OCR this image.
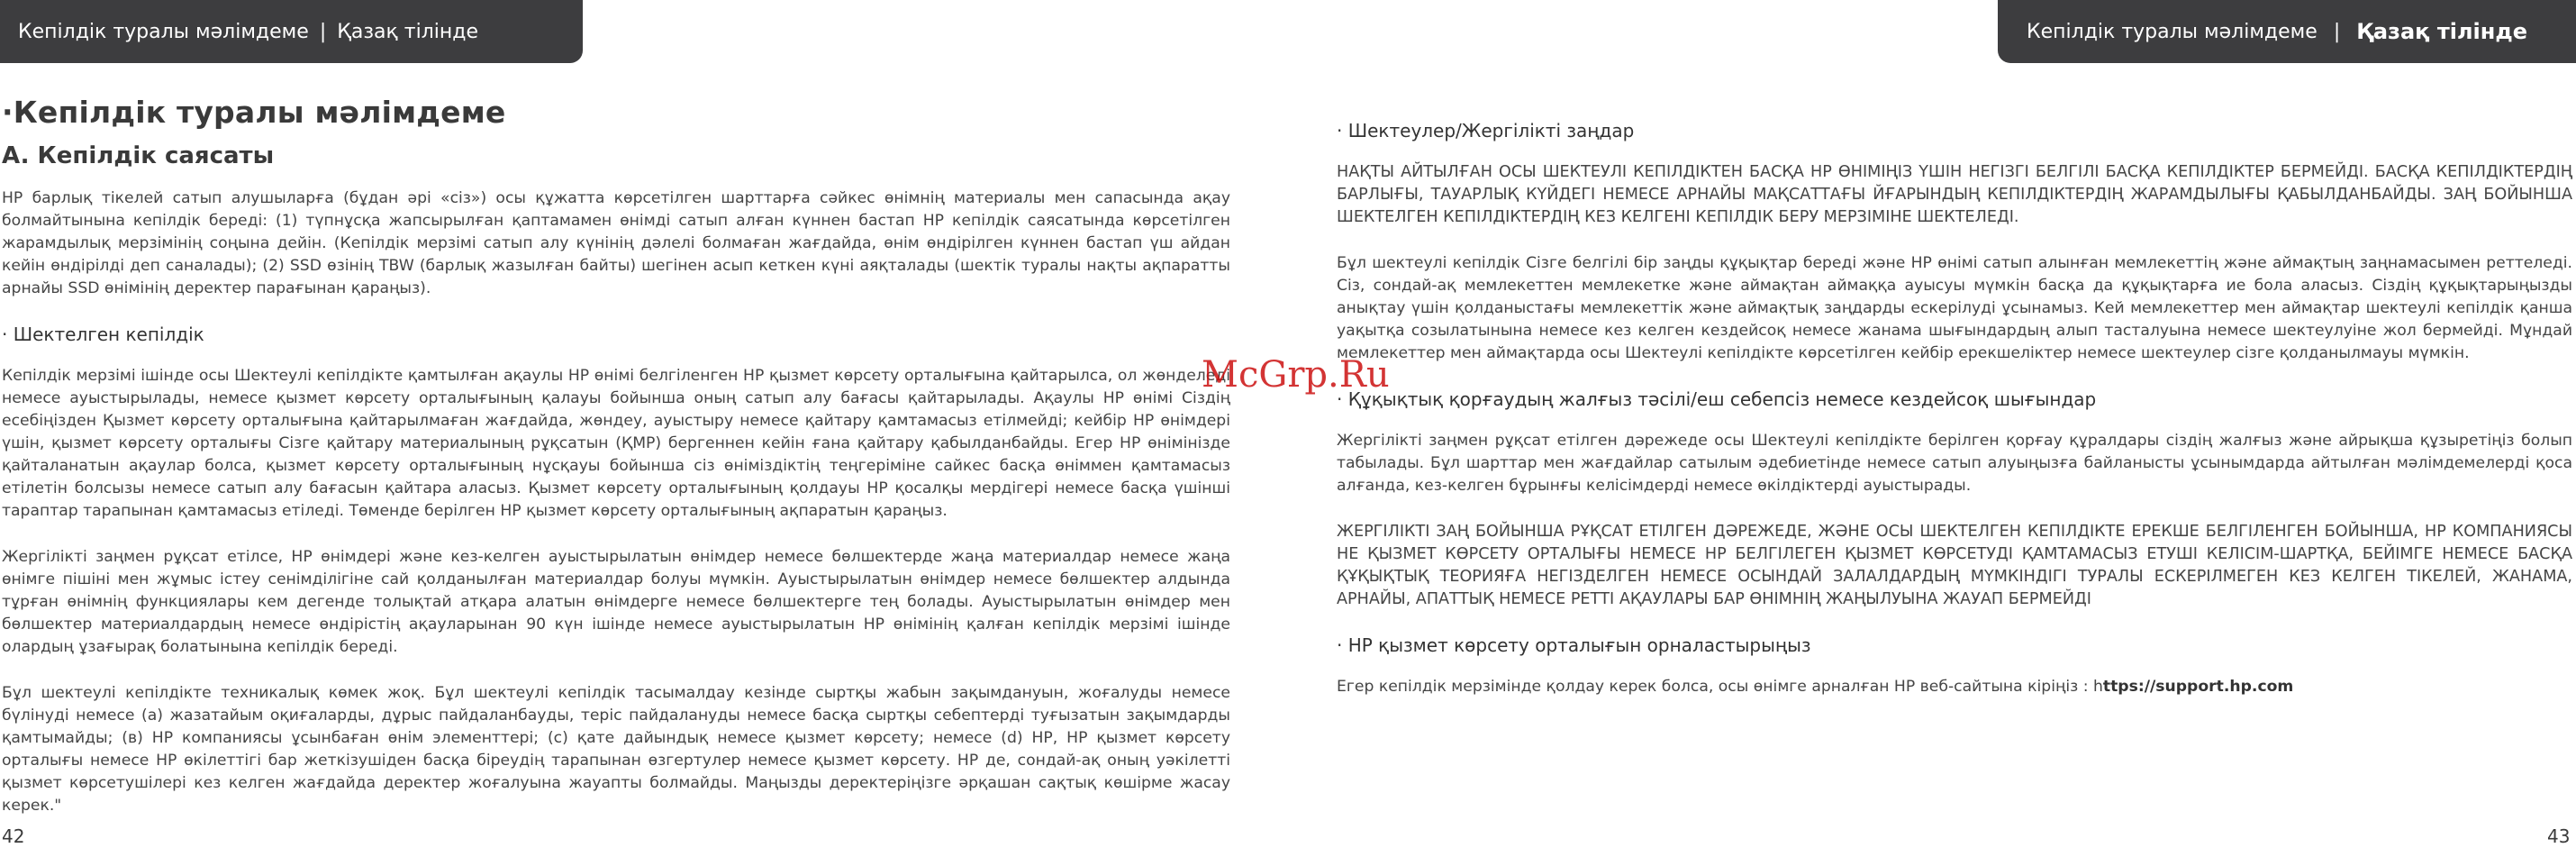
Кепілдік туралы мәлімдеме | Қазақ тілінде	Кепілдік туралы мәлімдеме | Қазақ тілінде
·Кепілдік туралы мәлімдеме
A. Кепілдік саясаты

HP барлық тікелей сатып алушыларға (бұдан әрі «сіз») осы құжатта көрсетілген шарттарға сәйкес өнімнің материалы мен сапасында ақау болмайтынына кепілдік береді: (1) түпнұсқа жапсырылған қаптамамен өнімді сатып алған күннен бастап HP кепілдік саясатында көрсетілген жарамдылық мерзімінің соңына дейін. (Кепілдік мерзімі сатып алу күнінің дәлелі болмаған жағдайда, өнім өндірілген күннен бастап үш айдан кейін өндірілді деп саналады); (2) SSD өзінің TBW (барлық жазылған байты) шегінен асып кеткен күні аяқталады (шектік туралы нақты ақпаратты арнайы SSD өнімінің деректер парағынан қараңыз).

· Шектелген кепілдік

Кепілдік мерзімі ішінде осы Шектеулі кепілдікте қамтылған ақаулы HP өнімі белгіленген HP қызмет көрсету орталығына қайтарылса, ол жөнделеді немесе ауыстырылады, немесе қызмет көрсету орталығының қалауы бойынша оның сатып алу бағасы қайтарылады. Ақаулы HP өнімі Сіздің есебіңізден Қызмет көрсету орталығына қайтарылмаған жағдайда, жөндеу, ауыстыру немесе қайтару қамтамасыз етілмейді; кейбір HP өнімдері үшін, қызмет көрсету орталығы Сізге қайтару материалының рұқсатын (ҚМР) бергеннен кейін ғана қайтару қабылданбайды. Егер HP өнімініздe қайталанатын ақаулар болса, қызмет көрсету орталығының нұсқауы бойынша сіз өніміздiктің теңгерiміне сайкес басқа өніммен қамтамасыз етілетін болсызы немесе сатып алу бағасын қайтара аласыз. Қызмет көрсету орталығының қолдауы HP қосалқы мердігері немесе басқа үшінші тараптар тарапынан қамтамасыз етіледі. Төменде берілген HP қызмет көрсету орталығының ақпаратын қараңыз.

Жергілікті заңмен рұқсат етілсе, HP өнімдері және кез-келген ауыстырылатын өнімдер немесе бөлшектерде жаңа материалдар немесе жаңа өнімге пішіні мен жұмыс істеу сенімділігіне сай қолданылған материалдар болуы мүмкін. Ауыстырылатын өнімдер немесе бөлшектер алдында тұрған өнімнің функциялары кем дегенде толықтай атқара алатын өнімдерге немесе бөлшектерге тең болады. Ауыстырылатын өнімдер мен бөлшектер материалдардың немесе өндірістің ақауларынан 90 күн ішінде немесе ауыстырылатын HP өнімінің қалған кепілдік мерзімі ішінде олардың ұзағырақ болатынына кепілдік береді.

Бұл шектеулі кепілдікте техникалық көмек жоқ. Бұл шектеулі кепілдік тасымалдау кезінде сыртқы жабын зақымдануын, жоғалуды немесе бүлінуді немесе (а) жазатайым оқиғаларды, дұрыс пайдаланбауды, теріс пайдалануды немесе басқа сыртқы себептерді туғызатын зақымдарды қамтымайды; (в) HP компаниясы ұсынбаған өнім элементтері; (с) қате дайындық немесе қызмет көрсету; немесе (d) HP, HP қызмет көрсету орталығы немесе HP өкілеттігі бар жеткізушіден басқа біреудің тарапынан өзгертулер немесе қызмет көрсету. HP де, сондай-ақ оның уәкілетті қызмет көрсетушілері кез келген жағдайда деректер жоғалуына жауапты болмайды. Маңызды деректеріңізге әрқашан сақтық көшірме жасау керек."

· Шектеулер/Жергілікті заңдар

НАҚТЫ АЙТЫЛҒАН ОСЫ ШЕКТЕУЛІ КЕПІЛДІКТЕН БАСҚА HP ӨНІМІҢІЗ ҮШІН НЕГІЗГІ БЕЛГІЛІ БАСҚА КЕПІЛДІКТЕР БЕРМЕЙДІ. БАСҚА КЕПІЛДІКТЕРДІҢ БАРЛЫҒЫ, ТАУАРЛЫҚ КҮЙДЕГІ НЕМЕСЕ АРНАЙЫ МАҚСАТТАҒЫ ЙҒАРЫНДЫҢ КЕПІЛДІКТЕРДІҢ ЖАРАМДЫЛЫҒЫ ҚАБЫЛДАНБАЙДЫ. ЗАҢ БОЙЫНША ШЕКТЕЛГЕН КЕПІЛДІКТЕРДІҢ КЕЗ КЕЛГЕНІ КЕПІЛДІК БЕРУ МЕРЗІМІНЕ ШЕКТЕЛЕДІ.

Бұл шектеулі кепілдік Сізге белгілі бір заңды құқықтар береді және HP өнімі сатып алынған мемлекеттің және аймақтың заңнамасымен реттеледі. Сіз, сондай-ақ мемлекеттен мемлекетке және аймақтан аймаққа ауысуы мүмкін басқа да құқықтарға ие бола аласыз. Сіздің құқықтарыңызды анықтау үшін қолданыстағы мемлекеттік және аймақтық заңдарды ескерілуді ұсынамыз. Кей мемлекеттер мен аймақтар шектеулі кепілдік қанша уақытқа созылатынына немесе кез келген кездейсоқ немесе жанама шығындардың алып тасталуына немесе шектеулуіне жол бермейді. Мұндай мемлекеттер мен аймақтарда осы Шектеулі кепілдікте көрсетілген кейбір ерекшеліктер немесе шектеулер сізге қолданылмауы мүмкін.

· Құқықтық қорғаудың жалғыз тәсілі/еш себепсіз немесе кездейсоқ шығындар

Жергілікті заңмен рұқсат етілген дәрежеде осы Шектеулі кепілдікте берілген қорғау құралдары сіздің жалғыз және айрықша құзыретіңіз болып табылады. Бұл шарттар мен жағдайлар сатылым әдебиетінде немесе сатып алуыңызға байланысты ұсынымдарда айтылған мәлімдемелерді қоса алғанда, кез-келген бұрынғы келісімдерді немесе өкілдіктерді ауыстырады.

ЖЕРГІЛІКТІ ЗАҢ БОЙЫНША РҰҚСАТ ЕТІЛГЕН ДӘРЕЖЕДЕ, ЖӘНЕ ОСЫ ШЕКТЕЛГЕН КЕПІЛДІКТЕ ЕРЕКШЕ БЕЛГІЛЕНГЕН БОЙЫНША, HP КОМПАНИЯСЫ НЕ ҚЫЗМЕТ КӨРСЕТУ ОРТАЛЫҒЫ НЕМЕСЕ HP БЕЛГІЛЕГЕН ҚЫЗМЕТ КӨРСЕТУДІ ҚАМТАМАСЫЗ ЕТУШІ КЕЛІСІМ-ШАРТҚА, БЕЙІМГЕ НЕМЕСЕ БАСҚА ҚҰҚЫҚТЫҚ ТЕОРИЯҒА НЕГІЗДЕЛГЕН НЕМЕСЕ ОСЫНДАЙ ЗАЛАЛДАРДЫҢ МҮМКІНДІГІ ТУРАЛЫ ЕСКЕРІЛМЕГЕН КЕЗ КЕЛГЕН ТІКЕЛЕЙ, ЖАНАМА, АРНАЙЫ, АПАТТЫҚ НЕМЕСЕ РЕТТІ АҚАУЛАРЫ БАР ӨНІМНІҢ ЖАҢЫЛУЫНА ЖАУАП БЕРМЕЙДІ

· HP қызмет көрсету орталығын орналастырыңыз

Егер кепілдік мерзімінде қолдау керек болса, осы өнімге арналған HP веб-сайтына кіріңіз : https://support.hp.com

42	43
McGrp.Ru
